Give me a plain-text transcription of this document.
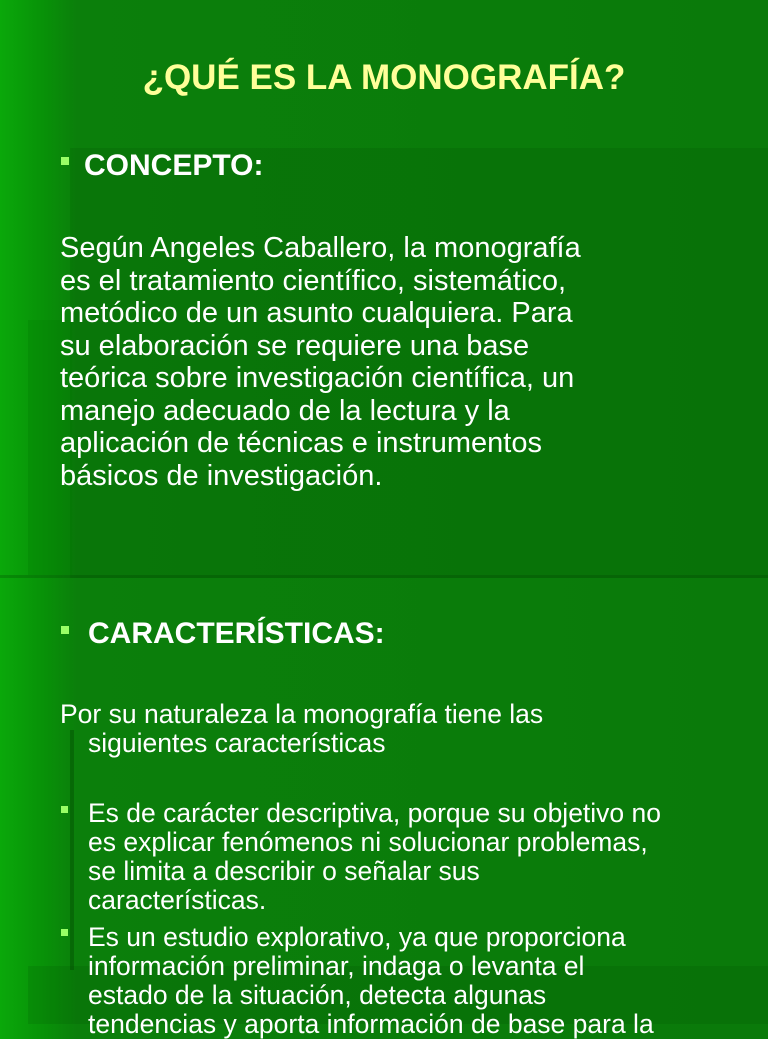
¿QUÉ ES LA MONOGRAFÍA?
CONCEPTO:
Según Angeles Caballero, la monografía
es el tratamiento científico, sistemático,
metódico de un asunto cualquiera. Para
su elaboración se requiere una base
teórica sobre investigación científica, un
manejo adecuado de la lectura y la
aplicación de técnicas e instrumentos
básicos de investigación.
CARACTERÍSTICAS:
Por su naturaleza la monografía tiene las
siguientes características
Es de carácter descriptiva, porque su objetivo no
es explicar fenómenos ni solucionar problemas,
se limita a describir o señalar sus
características.
Es un estudio explorativo, ya que proporciona
información preliminar, indaga o levanta el
estado de la situación, detecta algunas
tendencias y aporta información de base para la
